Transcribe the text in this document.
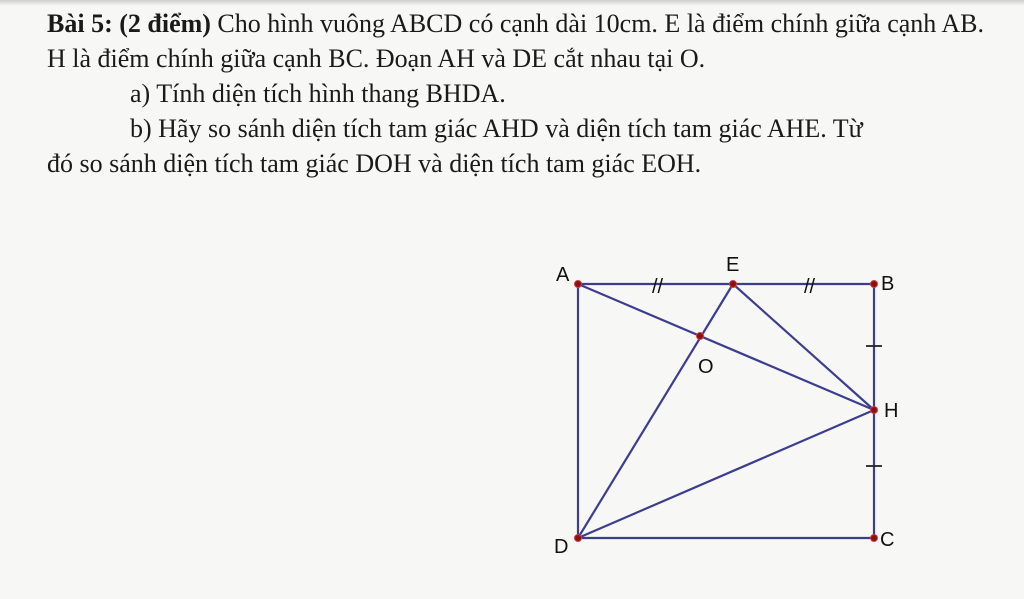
Bài 5: (2 điểm) Cho hình vuông ABCD có cạnh dài 10cm. E là điểm chính giữa cạnh AB. H là điểm chính giữa cạnh BC. Đoạn AH và DE cắt nhau tại O.

a) Tính diện tích hình thang BHDA.

b) Hãy so sánh diện tích tam giác AHD và diện tích tam giác AHE. Từ

đó so sánh diện tích tam giác DOH và diện tích tam giác EOH.

//	//
A	E
B
H
C
D
O
